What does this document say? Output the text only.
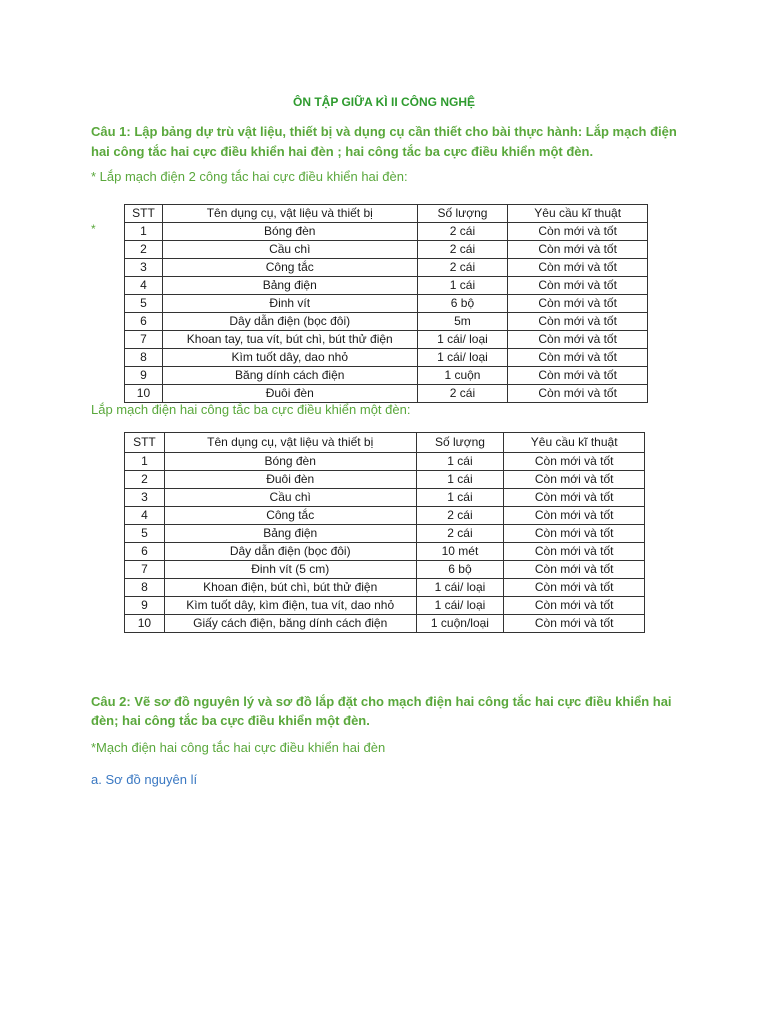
ÔN TẬP GIỮA KÌ II CÔNG NGHỆ
Câu 1: Lập bảng dự trù vật liệu, thiết bị và dụng cụ cần thiết cho bài thực hành: Lắp mạch điện hai công tắc hai cực điều khiển hai đèn ; hai công tắc ba cực điều khiển một đèn.
* Lắp mạch điện 2 công tắc hai cực điều khiển hai đèn:
*
STT	Tên dụng cụ, vật liệu và thiết bị	Số lượng	Yêu cầu kĩ thuật
1	Bóng đèn	2 cái	Còn mới và tốt
2	Cầu chì	2 cái	Còn mới và tốt
3	Công tắc	2 cái	Còn mới và tốt
4	Bảng điện	1 cái	Còn mới và tốt
5	Đinh vít	6 bộ	Còn mới và tốt
6	Dây dẫn điện (bọc đôi)	5m	Còn mới và tốt
7	Khoan tay, tua vít, bút chì, bút thử điện	1 cái/ loại	Còn mới và tốt
8	Kìm tuốt dây, dao nhỏ	1 cái/ loại	Còn mới và tốt
9	Băng dính cách điện	1 cuộn	Còn mới và tốt
10	Đuôi đèn	2 cái	Còn mới và tốt
Lắp mạch điện hai công tắc ba cực điều khiển một đèn:
STT	Tên dụng cụ, vật liệu và thiết bị	Số lượng	Yêu cầu kĩ thuật
1	Bóng đèn	1 cái	Còn mới và tốt
2	Đuôi đèn	1 cái	Còn mới và tốt
3	Cầu chì	1 cái	Còn mới và tốt
4	Công tắc	2 cái	Còn mới và tốt
5	Bảng điện	2 cái	Còn mới và tốt
6	Dây dẫn điện (bọc đôi)	10 mét	Còn mới và tốt
7	Đinh vít (5 cm)	6 bộ	Còn mới và tốt
8	Khoan điện, bút chì, bút thử điện	1 cái/ loại	Còn mới và tốt
9	Kìm tuốt dây, kìm điện, tua vít, dao nhỏ	1 cái/ loại	Còn mới và tốt
10	Giấy cách điện, băng dính cách điện	1 cuộn/loại	Còn mới và tốt
Câu 2: Vẽ sơ đồ nguyên lý và sơ đồ lắp đặt cho mạch điện hai công tắc hai cực điều khiển hai đèn; hai công tắc ba cực điều khiển một đèn.
*Mạch điện hai công tắc hai cực điều khiển hai đèn
a. Sơ đồ nguyên lí
